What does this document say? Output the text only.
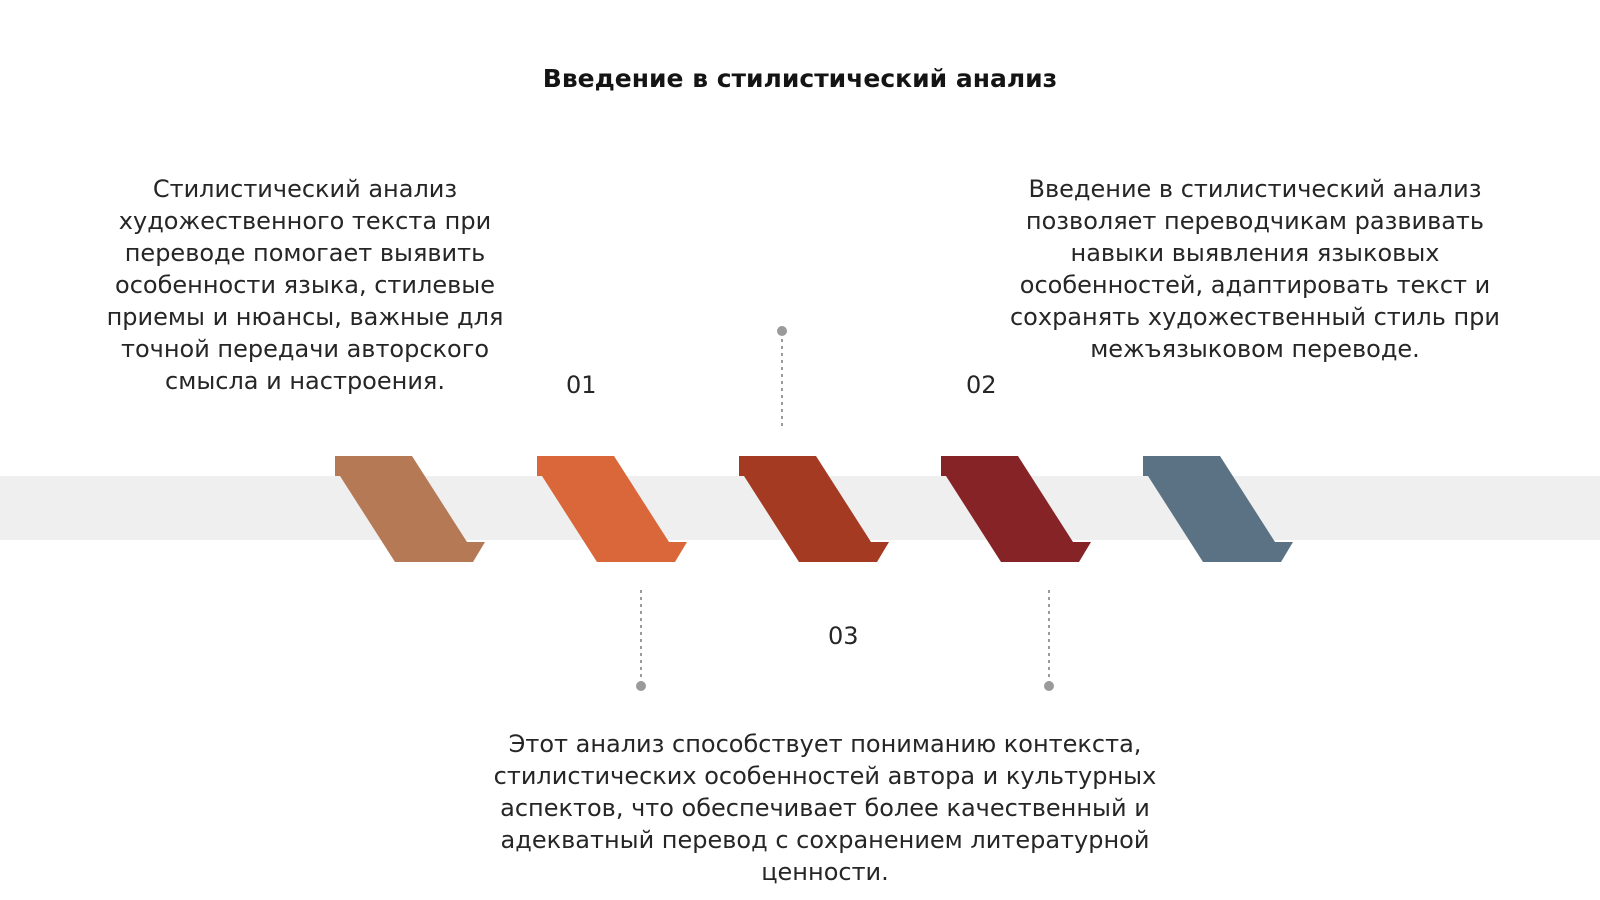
Введение в стилистический анализ
Стилистический анализ художественного текста при переводе помогает выявить особенности языка, стилевые приемы и нюансы, важные для точной передачи авторского смысла и настроения.
Введение в стилистический анализ позволяет переводчикам развивать навыки выявления языковых особенностей, адаптировать текст и сохранять художественный стиль при межъязыковом переводе.
Этот анализ способствует пониманию контекста, стилистических особенностей автора и культурных аспектов, что обеспечивает более качественный и адекватный перевод с сохранением литературной ценности.
01	02
03
